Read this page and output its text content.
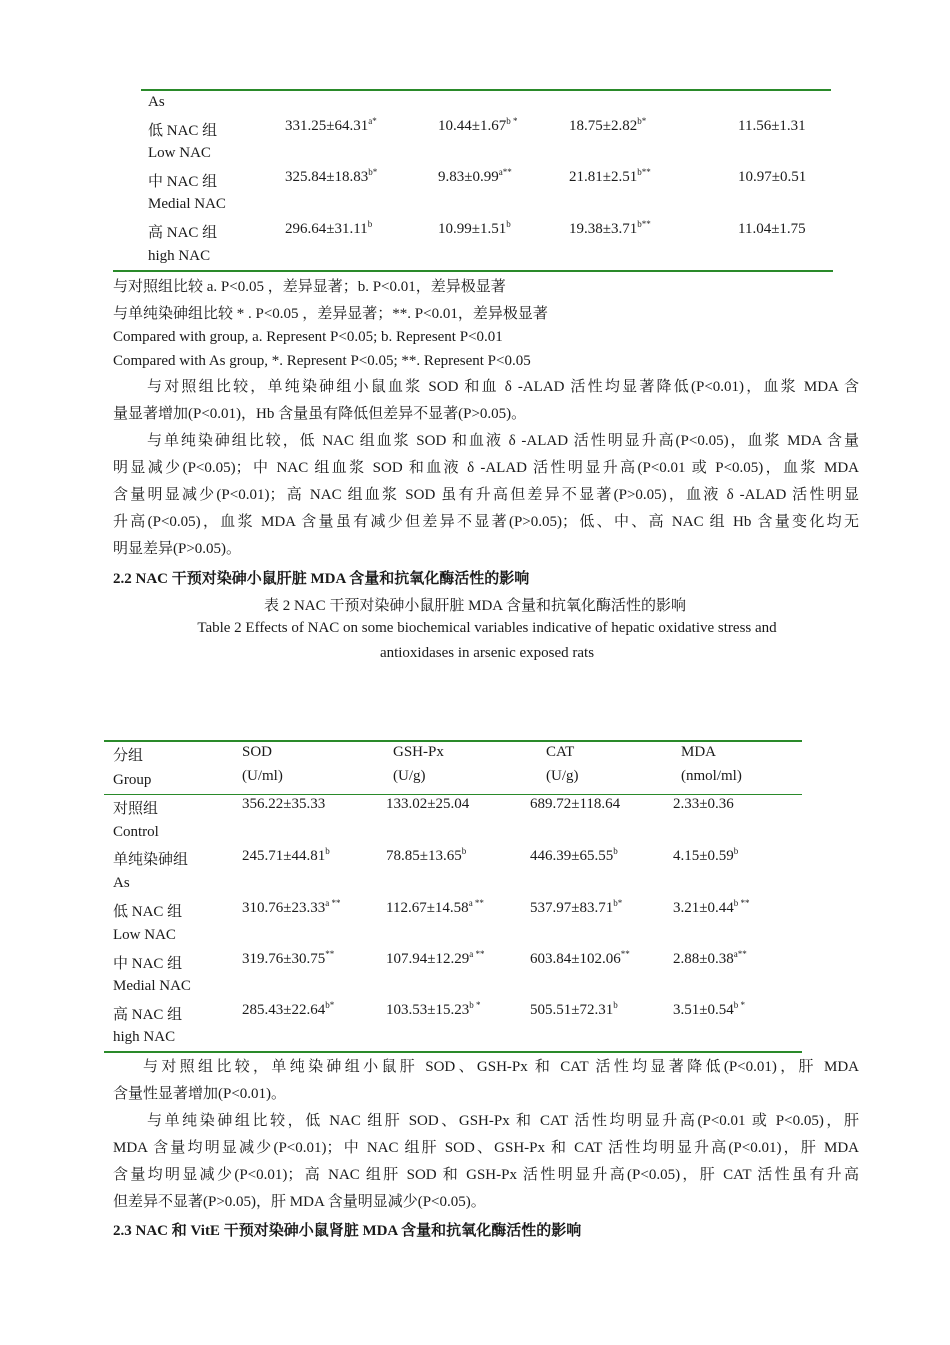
As
低 NAC 组	$331.25\pm 64.31^{a*}$	$10.44\pm 1.67^{b *}$	$18.75\pm 2.82^{b*}$	11.56±1.31
Low NAC
中 NAC 组	$325.84\pm 18.83^{b*}$	$9.83\pm 0.99^{a**}$	$21.81\pm 2.51^{b**}$	10.97±0.51
Medial NAC
高 NAC 组	296.64±31.11$^b$	10.99±1.51$^b$	$19.38\pm 3.71^{b**}$	11.04±1.75
high NAC
与对照组比较 a. P<0.05 ，差异显著；b. P<0.01，差异极显著
与单纯染砷组比较 * . P<0.05 ，差异显著；**. P<0.01，差异极显著
Compared with group, a. Represent P<0.05; b. Represent P<0.01
Compared with As group, *. Represent P<0.05; **. Represent P<0.05
与对照组比较，单纯染砷组小鼠血浆 SOD 和血 δ -ALAD 活性均显著降低(P<0.01)，血浆 MDA 含
量显著增加(P<0.01)，Hb 含量虽有降低但差异不显著(P>0.05)。
与单纯染砷组比较，低 NAC 组血浆 SOD 和血液 δ -ALAD 活性明显升高(P<0.05)，血浆 MDA 含量
明显减少(P<0.05)；中 NAC 组血浆 SOD 和血液 δ -ALAD 活性明显升高(P<0.01 或 P<0.05)，血浆 MDA
含量明显减少(P<0.01)；高 NAC 组血浆 SOD 虽有升高但差异不显著(P>0.05)，血液 δ -ALAD 活性明显
升高(P<0.05)，血浆 MDA 含量虽有减少但差异不显著(P>0.05)；低、中、高 NAC 组 Hb 含量变化均无
明显差异(P>0.05)。
2.2 NAC 干预对染砷小鼠肝脏 MDA 含量和抗氧化酶活性的影响
表 2 NAC 干预对染砷小鼠肝脏 MDA 含量和抗氧化酶活性的影响
Table 2 Effects of NAC on some biochemical variables indicative of hepatic oxidative stress and
antioxidases in arsenic exposed rats
分组	SOD	GSH-Px	CAT	MDA
Group	(U/ml)	(U/g)	(U/g)	(nmol/ml)
对照组	356.22±35.33	133.02±25.04	689.72±118.64	2.33±0.36
Control
单纯染砷组	245.71±44.81$^b$	78.85±13.65$^b$	446.39±65.55$^b$	4.15±0.59$^b$
As
低 NAC 组	$310.76\pm 23.33^{a **}$	$112.67\pm 14.58^{a **}$	$537.97\pm 83.71^{b*}$	$3.21\pm 0.44^{b **}$
Low NAC
中 NAC 组	319.76±30.75**	$107.94\pm 12.29^{a **}$	603.84±102.06**	$2.88\pm 0.38^{a**}$
Medial NAC
高 NAC 组	$285.43\pm 22.64^{b*}$	$103.53\pm 15.23^{b *}$	505.51±72.31$^b$	$3.51\pm 0.54^{b *}$
high NAC
与对照组比较，单纯染砷组小鼠肝 SOD、GSH-Px 和 CAT 活性均显著降低(P<0.01)，肝 MDA
含量性显著增加(P<0.01)。
与单纯染砷组比较，低 NAC 组肝 SOD、GSH-Px 和 CAT 活性均明显升高(P<0.01 或 P<0.05)，肝
MDA 含量均明显减少(P<0.01)；中 NAC 组肝 SOD、GSH-Px 和 CAT 活性均明显升高(P<0.01)，肝 MDA
含量均明显减少(P<0.01)；高 NAC 组肝 SOD 和 GSH-Px 活性明显升高(P<0.05)，肝 CAT 活性虽有升高
但差异不显著(P>0.05)，肝 MDA 含量明显减少(P<0.05)。
2.3 NAC 和 VitE 干预对染砷小鼠肾脏 MDA 含量和抗氧化酶活性的影响
